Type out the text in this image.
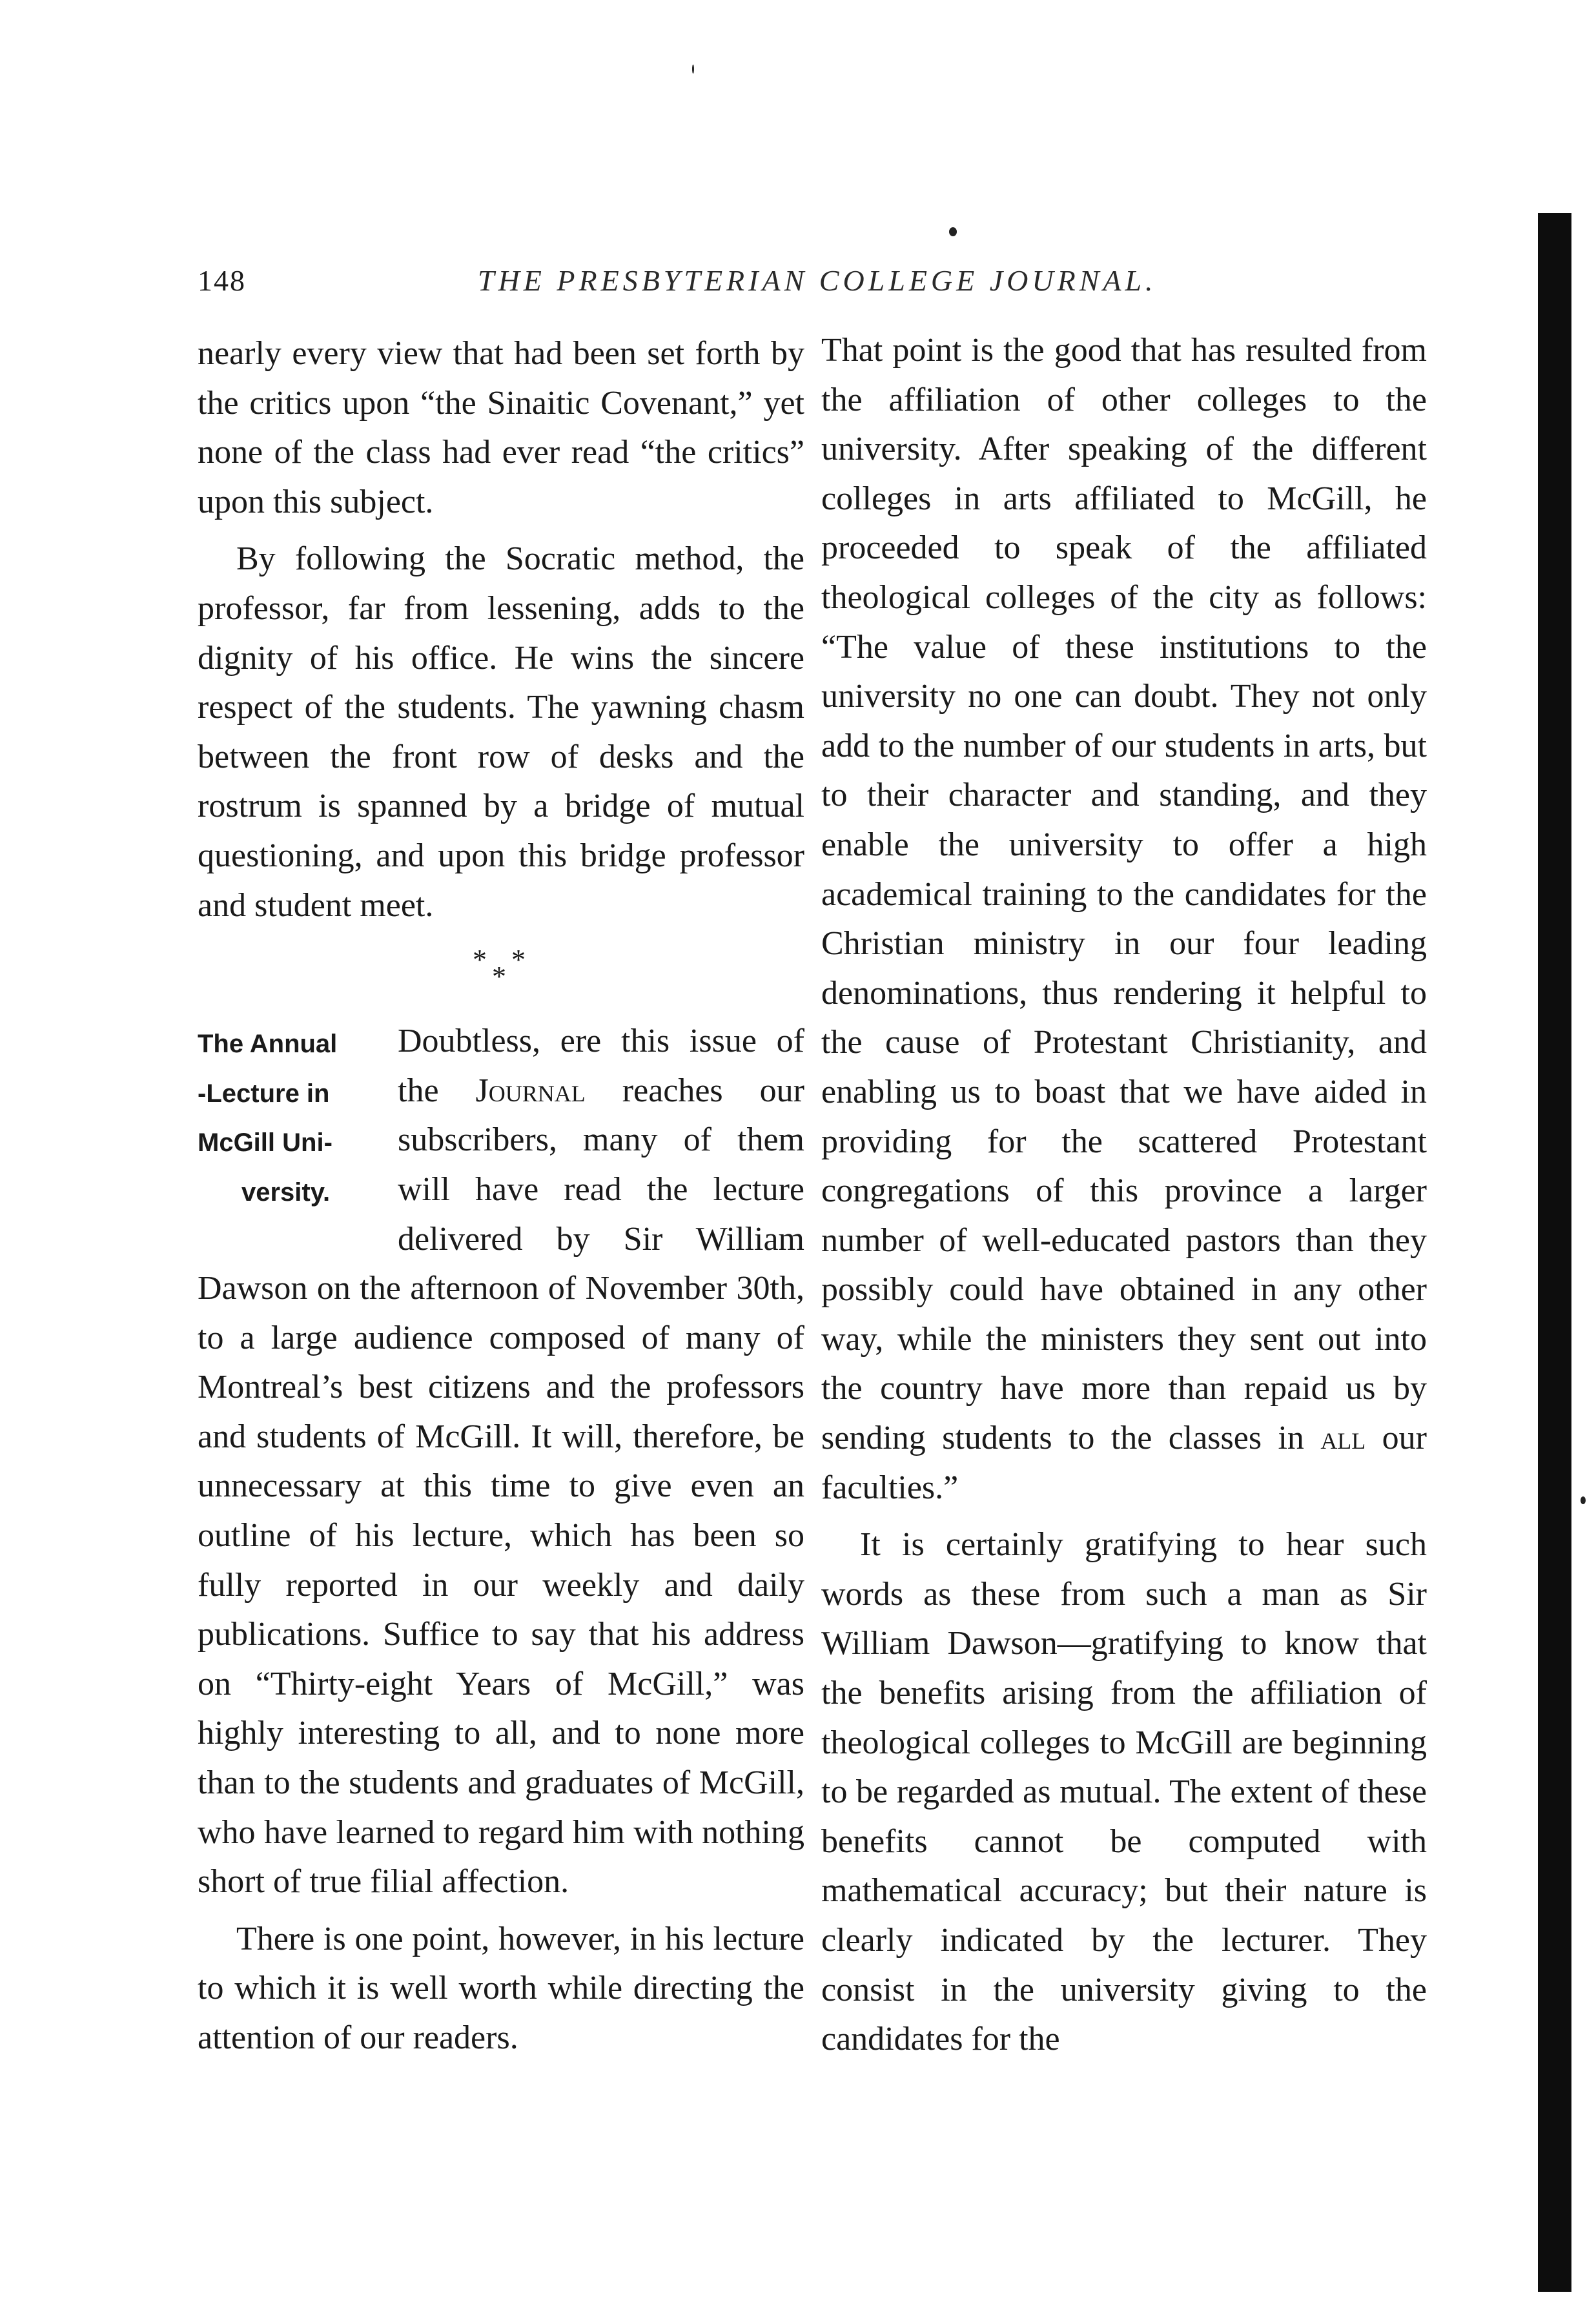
148	THE PRESBYTERIAN COLLEGE JOURNAL.

nearly every view that had been set forth by the critics upon “the Sinaitic Covenant,” yet none of the class had ever read “the critics” upon this subject.

By following the Socratic method, the professor, far from lessening, adds to the dignity of his office. He wins the sincere respect of the students. The yawning chasm between the front row of desks and the rostrum is spanned by a bridge of mutual questioning, and upon this bridge professor and student meet.

* *
*
The Annual
-Lecture in
McGill Uni-
versity.

Doubtless, ere this issue of the Journal reaches our subscribers, many of them will have read the lecture delivered by Sir William Dawson on the afternoon of November 30th, to a large audience composed of many of Montreal’s best citizens and the professors and students of McGill. It will, therefore, be unnecessary at this time to give even an outline of his lecture, which has been so fully reported in our weekly and daily publications. Suffice to say that his address on “Thirty-eight Years of McGill,” was highly interesting to all, and to none more than to the students and graduates of McGill, who have learned to regard him with nothing short of true filial affection.

There is one point, however, in his lecture to which it is well worth while directing the attention of our readers.

That point is the good that has resulted from the affiliation of other colleges to the university. After speaking of the different colleges in arts affiliated to McGill, he proceeded to speak of the affiliated theological colleges of the city as follows: “The value of these institutions to the university no one can doubt. They not only add to the number of our students in arts, but to their character and standing, and they enable the university to offer a high academical training to the candidates for the Christian ministry in our four leading denominations, thus rendering it helpful to the cause of Protestant Christianity, and enabling us to boast that we have aided in providing for the scattered Protestant congregations of this province a larger number of well-educated pastors than they possibly could have obtained in any other way, while the ministers they sent out into the country have more than repaid us by sending students to the classes in all our faculties.”

It is certainly gratifying to hear such words as these from such a man as Sir William Dawson—gratifying to know that the benefits arising from the affiliation of theological colleges to McGill are beginning to be regarded as mutual. The extent of these benefits cannot be computed with mathematical accuracy; but their nature is clearly indicated by the lecturer. They consist in the university giving to the candidates for the
